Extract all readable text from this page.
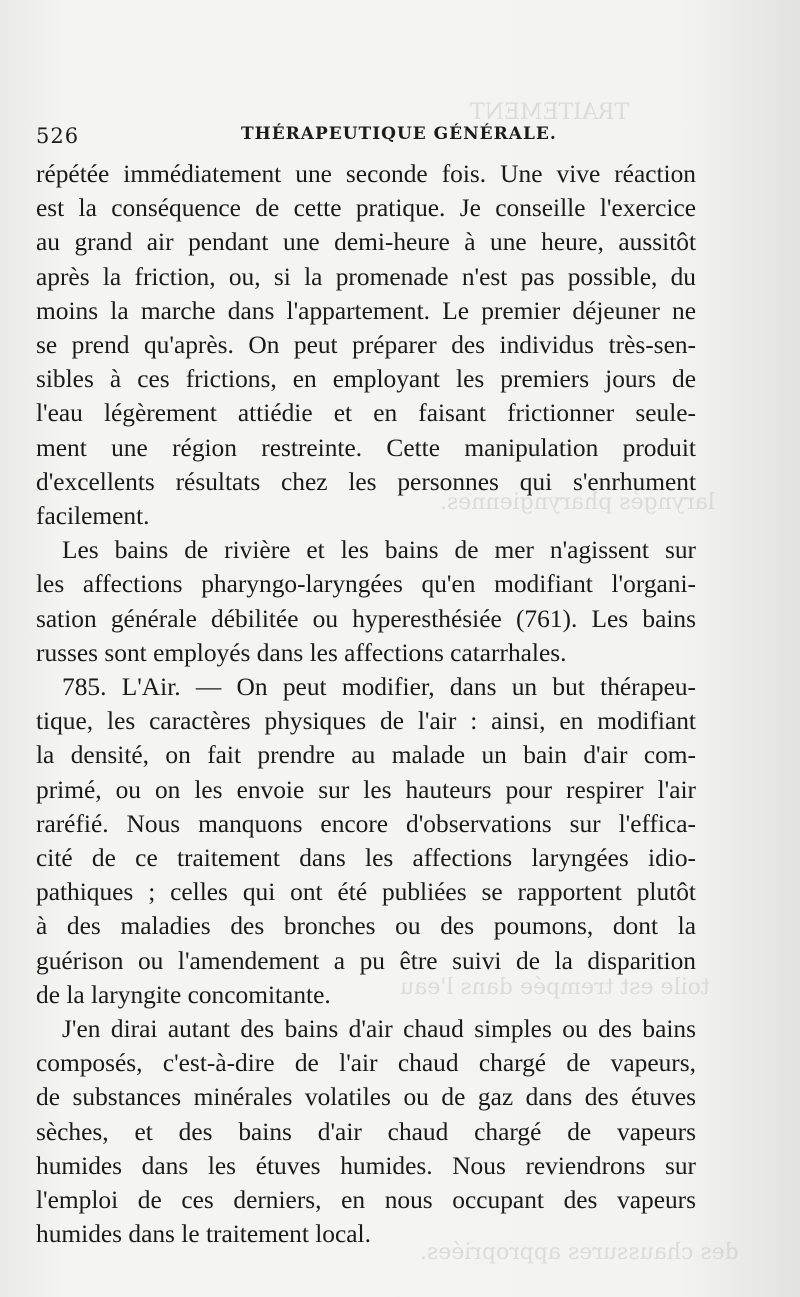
TRAITEMENT
laryngés pharyngiennes.
toile est trempée dans l'eau
des chaussures appropriées.
526	THÉRAPEUTIQUE GÉNÉRALE.

répétée immédiatement une seconde fois. Une vive réaction
est la conséquence de cette pratique. Je conseille l'exercice
au grand air pendant une demi-heure à une heure, aussitôt
après la friction, ou, si la promenade n'est pas possible, du
moins la marche dans l'appartement. Le premier déjeuner ne
se prend qu'après. On peut préparer des individus très-sen-
sibles à ces frictions, en employant les premiers jours de
l'eau légèrement attiédie et en faisant frictionner seule-
ment une région restreinte. Cette manipulation produit
d'excellents résultats chez les personnes qui s'enrhument
facilement.

Les bains de rivière et les bains de mer n'agissent sur
les affections pharyngo-laryngées qu'en modifiant l'organi-
sation générale débilitée ou hyperesthésiée (761). Les bains
russes sont employés dans les affections catarrhales.

785. L'Air. — On peut modifier, dans un but thérapeu-
tique, les caractères physiques de l'air : ainsi, en modifiant
la densité, on fait prendre au malade un bain d'air com-
primé, ou on les envoie sur les hauteurs pour respirer l'air
raréfié. Nous manquons encore d'observations sur l'effica-
cité de ce traitement dans les affections laryngées idio-
pathiques ; celles qui ont été publiées se rapportent plutôt
à des maladies des bronches ou des poumons, dont la
guérison ou l'amendement a pu être suivi de la disparition
de la laryngite concomitante.

J'en dirai autant des bains d'air chaud simples ou des bains
composés, c'est-à-dire de l'air chaud chargé de vapeurs,
de substances minérales volatiles ou de gaz dans des étuves
sèches, et des bains d'air chaud chargé de vapeurs
humides dans les étuves humides. Nous reviendrons sur
l'emploi de ces derniers, en nous occupant des vapeurs
humides dans le traitement local.
